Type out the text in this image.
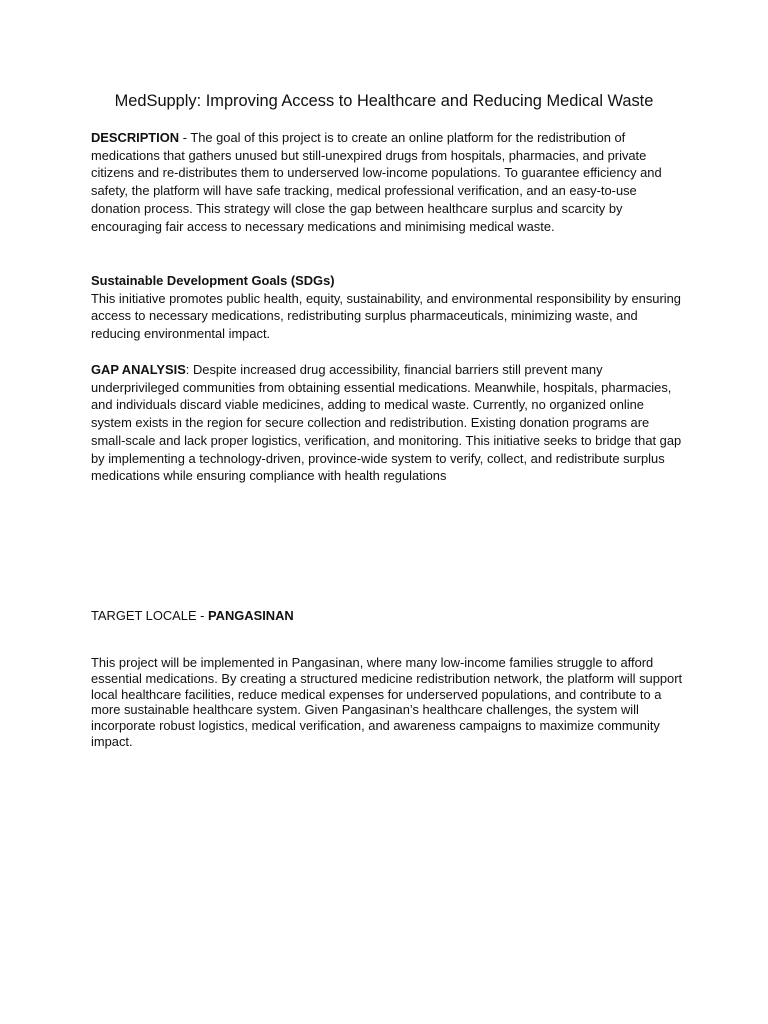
MedSupply: Improving Access to Healthcare and Reducing Medical Waste

DESCRIPTION - The goal of this project is to create an online platform for the redistribution of medications that gathers unused but still-unexpired drugs from hospitals, pharmacies, and private citizens and re-distributes them to underserved low-income populations. To guarantee efficiency and safety, the platform will have safe tracking, medical professional verification, and an easy-to-use donation process. This strategy will close the gap between healthcare surplus and scarcity by encouraging fair access to necessary medications and minimising medical waste.

Sustainable Development Goals (SDGs)
This initiative promotes public health, equity, sustainability, and environmental responsibility by ensuring access to necessary medications, redistributing surplus pharmaceuticals, minimizing waste, and reducing environmental impact.

GAP ANALYSIS: Despite increased drug accessibility, financial barriers still prevent many underprivileged communities from obtaining essential medications. Meanwhile, hospitals, pharmacies, and individuals discard viable medicines, adding to medical waste. Currently, no organized online system exists in the region for secure collection and redistribution. Existing donation programs are small-scale and lack proper logistics, verification, and monitoring. This initiative seeks to bridge that gap by implementing a technology-driven, province-wide system to verify, collect, and redistribute surplus medications while ensuring compliance with health regulations

TARGET LOCALE - PANGASINAN

This project will be implemented in Pangasinan, where many low-income families struggle to afford essential medications. By creating a structured medicine redistribution network, the platform will support local healthcare facilities, reduce medical expenses for underserved populations, and contribute to a more sustainable healthcare system. Given Pangasinan’s healthcare challenges, the system will incorporate robust logistics, medical verification, and awareness campaigns to maximize community impact.
